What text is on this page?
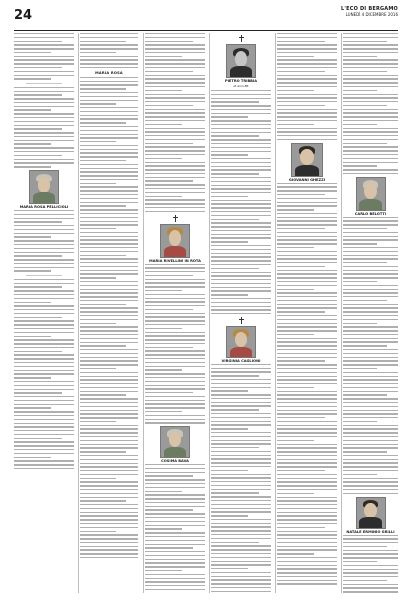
24	L'ECO DI BERGAMO
LUNEDÌ 4 DICEMBRE 2016
MARIA ROSA PELLICIOLI
MARIA ROSA
MARIA RIVELLINI IN ROTA
COSIMA BAVA
PIETRO TRIBBIA
di anni 86
VIRGINIA CAGLIONI
GIOVANNI GHEZZI
CARLO BELOTTI
NATALE ERMINIO GRILLI
